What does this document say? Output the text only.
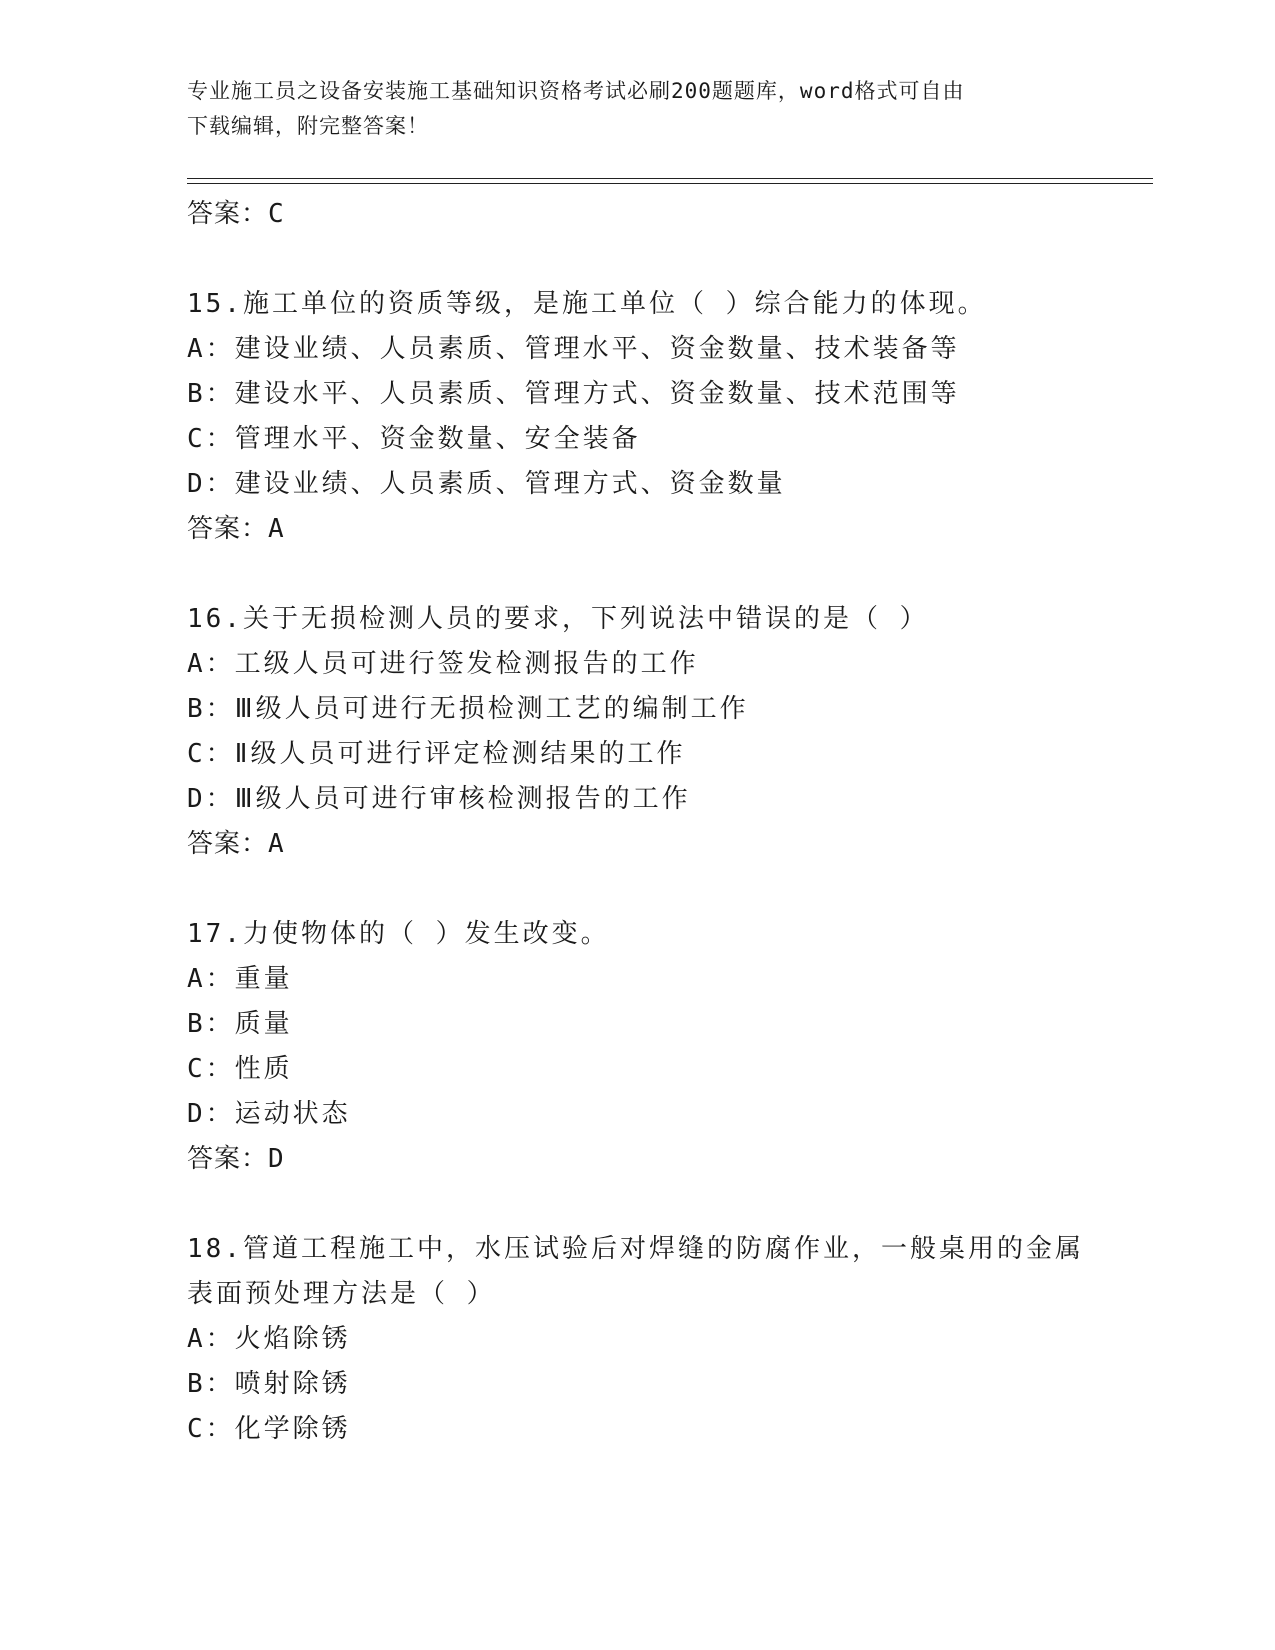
专业施工员之设备安装施工基础知识资格考试必刷200题题库，word格式可自由
下载编辑，附完整答案！
答案：C
15.施工单位的资质等级，是施工单位（ ）综合能力的体现。
A：建设业绩、人员素质、管理水平、资金数量、技术装备等
B：建设水平、人员素质、管理方式、资金数量、技术范围等
C：管理水平、资金数量、安全装备
D：建设业绩、人员素质、管理方式、资金数量
答案：A
16.关于无损检测人员的要求，下列说法中错误的是（ ）
A：工级人员可进行签发检测报告的工作
B：Ⅲ级人员可进行无损检测工艺的编制工作
C：Ⅱ级人员可进行评定检测结果的工作
D：Ⅲ级人员可进行审核检测报告的工作
答案：A
17.力使物体的（ ）发生改变。
A：重量
B：质量
C：性质
D：运动状态
答案：D
18.管道工程施工中，水压试验后对焊缝的防腐作业，一般桌用的金属
表面预处理方法是（ ）
A：火焰除锈
B：喷射除锈
C：化学除锈
